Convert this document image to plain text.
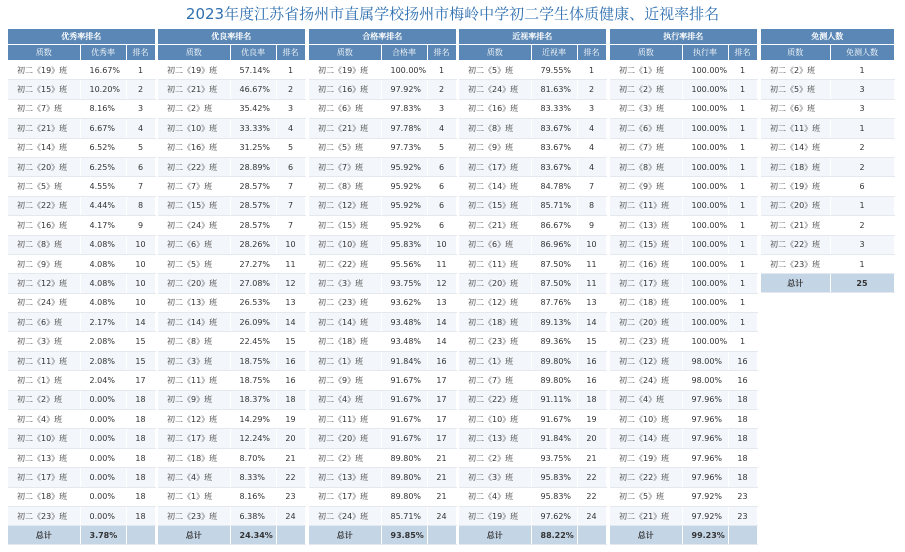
2023年度江苏省扬州市直属学校扬州市梅岭中学初二学生体质健康、近视率排名
优秀率排名		
质数	优秀率	排名
初二《19》班	16.67%	1
初二《15》班	10.20%	2
初二《7》班	8.16%	3
初二《21》班	6.67%	4
初二《14》班	6.52%	5
初二《20》班	6.25%	6
初二《5》班	4.55%	7
初二《22》班	4.44%	8
初二《16》班	4.17%	9
初二《8》班	4.08%	10
初二《9》班	4.08%	10
初二《12》班	4.08%	10
初二《24》班	4.08%	10
初二《6》班	2.17%	14
初二《3》班	2.08%	15
初二《11》班	2.08%	15
初二《1》班	2.04%	17
初二《2》班	0.00%	18
初二《4》班	0.00%	18
初二《10》班	0.00%	18
初二《13》班	0.00%	18
初二《17》班	0.00%	18
初二《18》班	0.00%	18
初二《23》班	0.00%	18
总计	3.78%	
优良率排名		
质数	优良率	排名
初二《19》班	57.14%	1
初二《21》班	46.67%	2
初二《2》班	35.42%	3
初二《10》班	33.33%	4
初二《16》班	31.25%	5
初二《22》班	28.89%	6
初二《7》班	28.57%	7
初二《15》班	28.57%	7
初二《24》班	28.57%	7
初二《6》班	28.26%	10
初二《5》班	27.27%	11
初二《20》班	27.08%	12
初二《13》班	26.53%	13
初二《14》班	26.09%	14
初二《8》班	22.45%	15
初二《3》班	18.75%	16
初二《11》班	18.75%	16
初二《9》班	18.37%	18
初二《12》班	14.29%	19
初二《17》班	12.24%	20
初二《18》班	8.70%	21
初二《4》班	8.33%	22
初二《1》班	8.16%	23
初二《23》班	6.38%	24
总计	24.34%	
合格率排名		
质数	合格率	排名
初二《19》班	100.00%	1
初二《16》班	97.92%	2
初二《6》班	97.83%	3
初二《21》班	97.78%	4
初二《5》班	97.73%	5
初二《7》班	95.92%	6
初二《8》班	95.92%	6
初二《12》班	95.92%	6
初二《15》班	95.92%	6
初二《10》班	95.83%	10
初二《22》班	95.56%	11
初二《3》班	93.75%	12
初二《23》班	93.62%	13
初二《14》班	93.48%	14
初二《18》班	93.48%	14
初二《1》班	91.84%	16
初二《9》班	91.67%	17
初二《4》班	91.67%	17
初二《11》班	91.67%	17
初二《20》班	91.67%	17
初二《2》班	89.80%	21
初二《13》班	89.80%	21
初二《17》班	89.80%	21
初二《24》班	85.71%	24
总计	93.85%	
近视率排名		
质数	近视率	排名
初二《5》班	79.55%	1
初二《24》班	81.63%	2
初二《16》班	83.33%	3
初二《8》班	83.67%	4
初二《9》班	83.67%	4
初二《17》班	83.67%	4
初二《14》班	84.78%	7
初二《15》班	85.71%	8
初二《21》班	86.67%	9
初二《6》班	86.96%	10
初二《11》班	87.50%	11
初二《20》班	87.50%	11
初二《12》班	87.76%	13
初二《18》班	89.13%	14
初二《23》班	89.36%	15
初二《1》班	89.80%	16
初二《7》班	89.80%	16
初二《22》班	91.11%	18
初二《10》班	91.67%	19
初二《13》班	91.84%	20
初二《2》班	93.75%	21
初二《3》班	95.83%	22
初二《4》班	95.83%	22
初二《19》班	97.62%	24
总计	88.22%	
执行率排名		
质数	执行率	排名
初二《1》班	100.00%	1
初二《2》班	100.00%	1
初二《3》班	100.00%	1
初二《6》班	100.00%	1
初二《7》班	100.00%	1
初二《8》班	100.00%	1
初二《9》班	100.00%	1
初二《11》班	100.00%	1
初二《13》班	100.00%	1
初二《15》班	100.00%	1
初二《16》班	100.00%	1
初二《17》班	100.00%	1
初二《18》班	100.00%	1
初二《20》班	100.00%	1
初二《23》班	100.00%	1
初二《12》班	98.00%	16
初二《24》班	98.00%	16
初二《4》班	97.96%	18
初二《10》班	97.96%	18
初二《14》班	97.96%	18
初二《19》班	97.96%	18
初二《22》班	97.96%	18
初二《5》班	97.92%	23
初二《21》班	97.92%	23
总计	99.23%	
免测人数	
质数	免测人数
初二《2》班	1
初二《5》班	3
初二《6》班	3
初二《11》班	1
初二《14》班	2
初二《18》班	2
初二《19》班	6
初二《20》班	1
初二《21》班	2
初二《22》班	3
初二《23》班	1
总计	25
